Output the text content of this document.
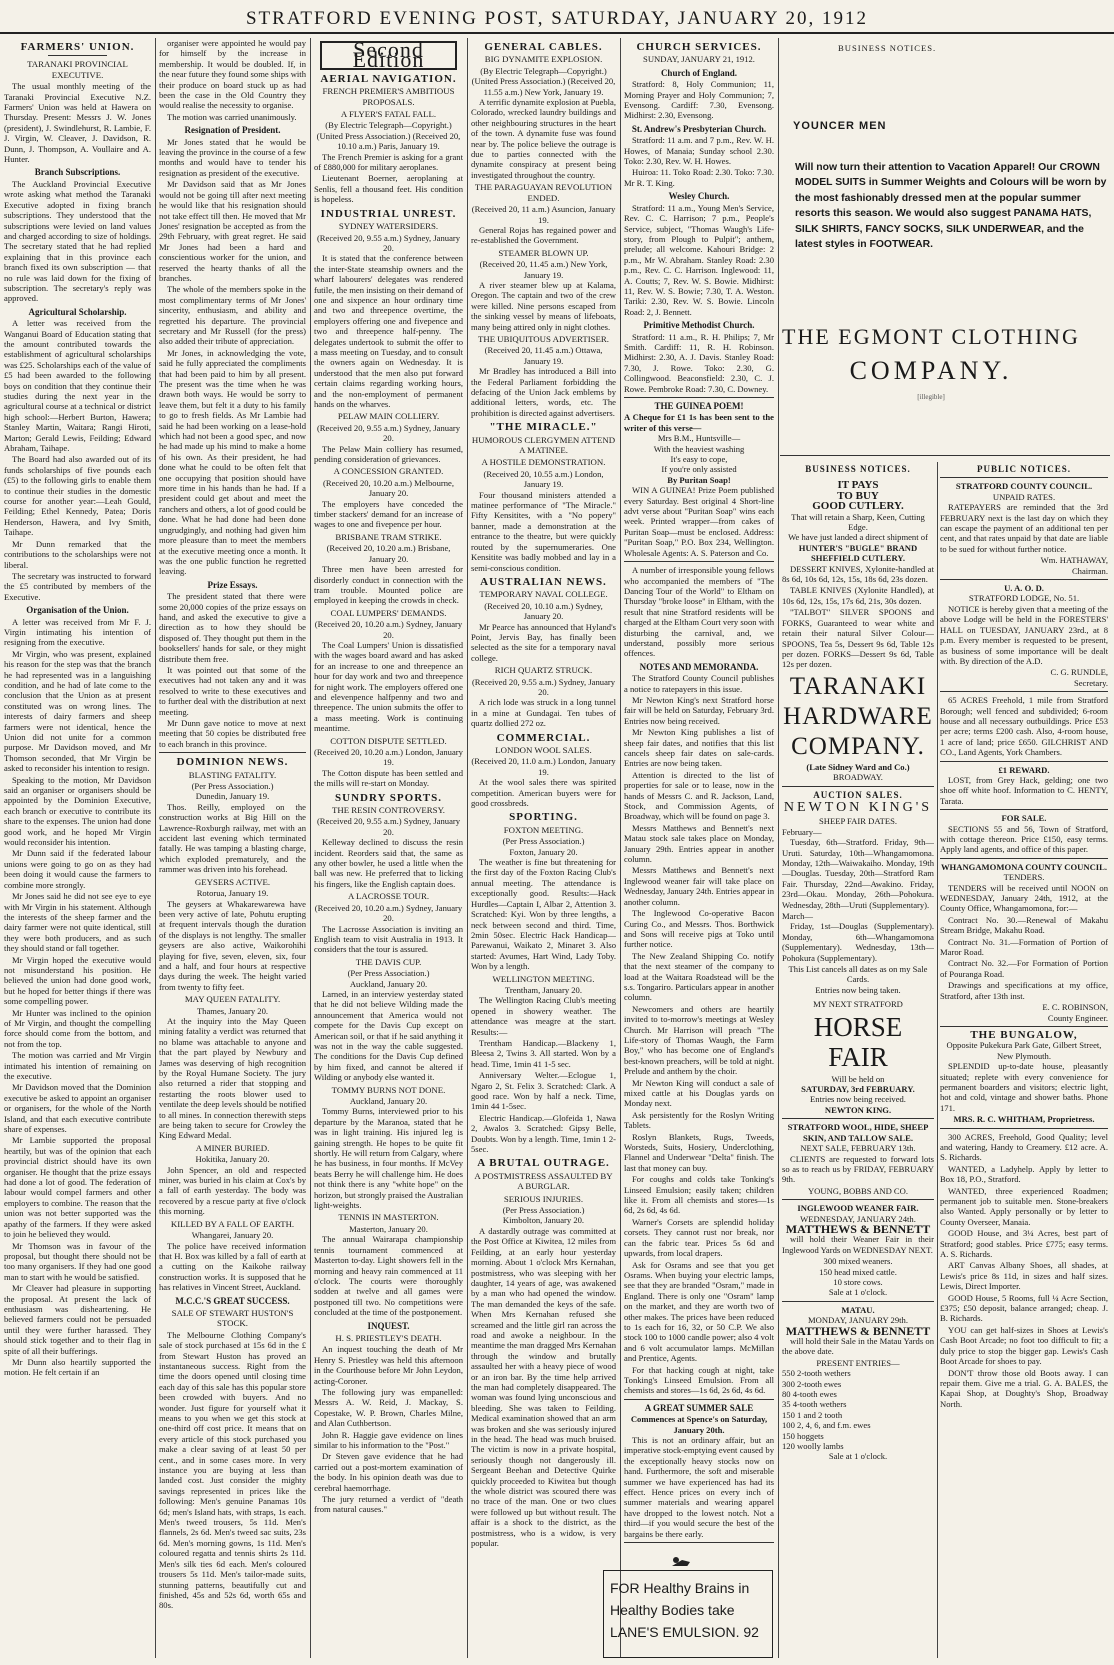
STRATFORD EVENING POST, SATURDAY, JANUARY 20, 1912
FARMERS' UNION.
TARANAKI PROVINCIAL EXECUTIVE.

The usual monthly meeting of the Taranaki Provincial Executive N.Z. Farmers' Union was held at Hawera on Thursday. Present: Messrs J. W. Jones (president), J. Swindlehurst, R. Lambie, F. J. Virgin, W. Cleaver, J. Davidson, R. Dunn, J. Thompson, A. Voullaire and A. Hunter.

Branch Subscriptions.

The Auckland Provincial Executive wrote asking what method the Taranaki Executive adopted in fixing branch subscriptions. They understood that the subscriptions were levied on land values and charged according to size of holdings. The secretary stated that he had replied explaining that in this province each branch fixed its own subscription — that no rule was laid down for the fixing of subscription. The secretary's reply was approved.

Agricultural Scholarship.

A letter was received from the Wanganui Board of Education stating that the amount contributed towards the establishment of agricultural scholarships was £25. Scholarships each of the value of £5 had been awarded to the following boys on condition that they continue their studies during the next year in the agricultural course at a technical or district high school:—Herbert Burton, Hawera; Stanley Martin, Waitara; Rangi Hiroti, Marton; Gerald Lewis, Feilding; Edward Abraham, Taihape.

The Board had also awarded out of its funds scholarships of five pounds each (£5) to the following girls to enable them to continue their studies in the domestic course for another year:—Leah Gould, Feilding; Ethel Kennedy, Patea; Doris Henderson, Hawera, and Ivy Smith, Taihape.

Mr Dunn remarked that the contributions to the scholarships were not liberal.

The secretary was instructed to forward the £5 contributed by members of the Executive.

Organisation of the Union.

A letter was received from Mr F. J. Virgin intimating his intention of resigning from the executive.

Mr Virgin, who was present, explained his reason for the step was that the branch he had represented was in a languishing condition, and he had of late come to the conclusion that the Union as at present constituted was on wrong lines. The interests of dairy farmers and sheep farmers were not identical, hence the Union did not unite for a common purpose. Mr Davidson moved, and Mr Thomson seconded, that Mr Virgin be asked to reconsider his intention to resign.

Speaking to the motion, Mr Davidson said an organiser or organisers should be appointed by the Dominion Executive, each branch or executive to contribute its share to the expenses. The union had done good work, and he hoped Mr Virgin would reconsider his intention.

Mr Dunn said if the federated labour unions were going to go on as they had been doing it would cause the farmers to combine more strongly.

Mr Jones said he did not see eye to eye with Mr Virgin in his statement. Although the interests of the sheep farmer and the dairy farmer were not quite identical, still they were both producers, and as such they should stand or fall together.

Mr Virgin hoped the executive would not misunderstand his position. He believed the union had done good work, but he hoped for better things if there was some compelling power.

Mr Hunter was inclined to the opinion of Mr Virgin, and thought the compelling force should come from the bottom, and not from the top.

The motion was carried and Mr Virgin intimated his intention of remaining on the executive.

Mr Davidson moved that the Dominion executive be asked to appoint an organiser or organisers, for the whole of the North Island, and that each executive contribute share of expenses.

Mr Lambie supported the proposal heartily, but was of the opinion that each provincial district should have its own organiser. He thought that the prize essays had done a lot of good. The federation of labour would compel farmers and other employers to combine. The reason that the union was not better supported was the apathy of the farmers. If they were asked to join he believed they would.

Mr Thomson was in favour of the proposal, but thought there should not be too many organisers. If they had one good man to start with he would be satisfied.

Mr Cleaver had pleasure in supporting the proposal. At present the lack of enthusiasm was disheartening. He believed farmers could not be persuaded until they were further harassed. They should stick together and to their flag in spite of all their bufferings.

Mr Dunn also heartily supported the motion. He felt certain if an

organiser were appointed he would pay for himself by the increase in membership. It would be doubled. If, in the near future they found some ships with their produce on board stuck up as had been the case in the Old Country they would realise the necessity to organise.

The motion was carried unanimously.

Resignation of President.

Mr Jones stated that he would be leaving the province in the course of a few months and would have to tender his resignation as president of the executive.

Mr Davidson said that as Mr Jones would not be going till after next meeting he would like that his resignation should not take effect till then. He moved that Mr Jones' resignation be accepted as from the 29th February, with great regret. He said Mr Jones had been a hard and conscientious worker for the union, and reserved the hearty thanks of all the branches.

The whole of the members spoke in the most complimentary terms of Mr Jones' sincerity, enthusiasm, and ability and regretted his departure. The provincial secretary and Mr Russell (for the press) also added their tribute of appreciation.

Mr Jones, in acknowledging the vote, said he fully appreciated the compliments that had been paid to him by all present. The present was the time when he was drawn both ways. He would be sorry to leave them, but felt it a duty to his family to go to fresh fields. As Mr Lambie had said he had been working on a lease-hold which had not been a good spec, and now he had made up his mind to make a home of his own. As their president, he had done what he could to be often felt that one occupying that position should have more time in his hands than he had. If a president could get about and meet the ranchers and others, a lot of good could be done. What he had done had been done ungrudgingly, and nothing had given him more pleasure than to meet the members at the executive meeting once a month. It was the one public function he regretted leaving.

Prize Essays.

The president stated that there were some 20,000 copies of the prize essays on hand, and asked the executive to give a direction as to how they should be disposed of. They thought put them in the booksellers' hands for sale, or they might distribute them free.

It was pointed out that some of the executives had not taken any and it was resolved to write to these executives and to further deal with the distribution at next meeting.

Mr Dunn gave notice to move at next meeting that 50 copies be distributed free to each branch in this province.

DOMINION NEWS.
BLASTING FATALITY.
(Per Press Association.)
Dunedin, January 19.

Thos. Reilly, employed on the construction works at Big Hill on the Lawrence-Roxburgh railway, met with an accident last evening which terminated fatally. He was tamping a blasting charge, which exploded prematurely, and the rammer was driven into his forehead.

GEYSERS ACTIVE.
Rotorua, January 19.

The geysers at Whakarewarewa have been very active of late, Pohutu erupting at frequent intervals though the duration of the displays is not lengthy. The smaller geysers are also active, Waikorohihi playing for five, seven, eleven, six, four and a half, and four hours at respective days during the week. The height varied from twenty to fifty feet.

MAY QUEEN FATALITY.
Thames, January 20.

At the inquiry into the May Queen mining fatality a verdict was returned that no blame was attachable to anyone and that the part played by Newbury and James was deserving of high recognition by the Royal Humane Society. The jury also returned a rider that stopping and restarting the roots blower used to ventilate the deep levels should be notified to all mines. In connection therewith steps are being taken to secure for Crowley the King Edward Medal.

A MINER BURIED.
Hokitika, January 20.

John Spencer, an old and respected miner, was buried in his claim at Cox's by a fall of earth yesterday. The body was recovered by a rescue party at five o'clock this morning.

KILLED BY A FALL OF EARTH.
Whangarei, January 20.

The police have received information that H. Box was killed by a fall of earth at a cutting on the Kaikohe railway construction works. It is supposed that he has relatives in Vincent Street, Auckland.

M.C.C.'S GREAT SUCCESS.
SALE OF STEWART HUSTON'S STOCK.

The Melbourne Clothing Company's sale of stock purchased at 15s 6d in the £ from Stewart Huston has proved an instantaneous success. Right from the time the doors opened until closing time each day of this sale has this popular store been crowded with buyers. And no wonder. Just figure for yourself what it means to you when we get this stock at one-third off cost price. It means that on every article of this stock purchased you make a clear saving of at least 50 per cent., and in some cases more. In very instance you are buying at less than landed cost. Just consider the mighty savings represented in prices like the following: Men's genuine Panamas 10s 6d; men's Island hats, with straps, 1s each. Men's tweed trousers, 5s 11d. Men's flannels, 2s 6d. Men's tweed sac suits, 23s 6d. Men's morning gowns, 1s 11d. Men's coloured regatta and tennis shirts 2s 11d. Men's silk ties 6d each. Men's coloured trousers 5s 11d. Men's tailor-made suits, stunning patterns, beautifully cut and finished, 45s and 52s 6d, worth 65s and 80s.

Second Edition
AERIAL NAVIGATION.
FRENCH PREMIER'S AMBITIOUS PROPOSALS.
A FLYER'S FATAL FALL.
(By Electric Telegraph—Copyright.) (United Press Association.) (Received 20, 10.10 a.m.) Paris, January 19.

The French Premier is asking for a grant of £880,000 for military aeroplanes.

Lieutenant Boerner, aeroplaning at Senlis, fell a thousand feet. His condition is hopeless.

INDUSTRIAL UNREST.
SYDNEY WATERSIDERS.
(Received 20, 9.55 a.m.) Sydney, January 20.

It is stated that the conference between the inter-State steamship owners and the wharf labourers' delegates was rendered futile, the men insisting on their demand of one and sixpence an hour ordinary time and two and threepence overtime, the employers offering one and fivepence and two and threepence half-penny. The delegates undertook to submit the offer to a mass meeting on Tuesday, and to consult the owners again on Wednesday. It is understood that the men also put forward certain claims regarding working hours, and the non-employment of permanent hands on the wharves.

PELAW MAIN COLLIERY.
(Received 20, 9.55 a.m.) Sydney, January 20.

The Pelaw Main colliery has resumed, pending consideration of grievances.

A CONCESSION GRANTED.
(Received 20, 10.20 a.m.) Melbourne, January 20.

The employers have conceded the timber stackers' demand for an increase of wages to one and fivepence per hour.

BRISBANE TRAM STRIKE.
(Received 20, 10.20 a.m.) Brisbane, January 20.

Three men have been arrested for disorderly conduct in connection with the tram trouble. Mounted police are employed in keeping the crowds in check.

COAL LUMPERS' DEMANDS.
(Received 20, 10.20 a.m.) Sydney, January 20.

The Coal Lumpers' Union is dissatisfied with the wages board award and has asked for an increase to one and threepence an hour for day work and two and threepence for night work. The employers offered one and elevenpence halfpenny and two and threepence. The union submits the offer to a mass meeting. Work is continuing meantime.

COTTON DISPUTE SETTLED.
(Received 20, 10.20 a.m.) London, January 19.

The Cotton dispute has been settled and the mills will re-start on Monday.

SUNDRY SPORTS.
THE RESIN CONTROVERSY.
(Received 20, 9.55 a.m.) Sydney, January 20.

Kelleway declined to discuss the resin incident. Reorders said that, the same as any other bowler, he used a little when the ball was new. He preferred that to licking his fingers, like the English captain does.

A LACROSSE TOUR.
(Received 20, 10.20 a.m.) Sydney, January 20.

The Lacrosse Association is inviting an English team to visit Australia in 1913. It considers that the tour is assured.

THE DAVIS CUP.
(Per Press Association.)
Auckland, January 20.

Larned, in an interview yesterday stated that he did not believe Wilding made the announcement that America would not compete for the Davis Cup except on American soil, or that if he said anything it was not in the way the cable suggested. The conditions for the Davis Cup defined by him fixed, and cannot be altered if Wilding or anybody else wanted it.

TOMMY BURNS NOT DONE.
Auckland, January 20.

Tommy Burns, interviewed prior to his departure by the Maranoa, stated that he was in light training. His injured leg is gaining strength. He hopes to be quite fit shortly. He will return from Calgary, where he has business, in four months. If McVey beats Berry he will challenge him. He does not think there is any "white hope" on the horizon, but strongly praised the Australian light-weights.

TENNIS IN MASTERTON.
Masterton, January 20.

The annual Wairarapa championship tennis tournament commenced at Masterton to-day. Light showers fell in the morning and heavy rain commenced at 11 o'clock. The courts were thoroughly sodden at twelve and all games were postponed till two. No competitions were concluded at the time of the postponement.

INQUEST.
H. S. PRIESTLEY'S DEATH.

An inquest touching the death of Mr Henry S. Priestley was held this afternoon in the Courthouse before Mr John Leydon, acting-Coroner.

The following jury was empanelled: Messrs A. W. Reid, J. Mackay, S. Copestake, W. P. Brown, Charles Milne, and Alan Cuthbertson.

John R. Haggie gave evidence on lines similar to his information to the "Post."

Dr Steven gave evidence that he had carried out a post-mortem examination of the body. In his opinion death was due to cerebral haemorrhage.

The jury returned a verdict of "death from natural causes."

GENERAL CABLES.
BIG DYNAMITE EXPLOSION.
(By Electric Telegraph—Copyright.) (United Press Association.) (Received 20, 11.55 a.m.) New York, January 19.

A terrific dynamite explosion at Puebla, Colorado, wrecked laundry buildings and other neighbouring structures in the heart of the town. A dynamite fuse was found near by. The police believe the outrage is due to parties connected with the dynamite conspiracy at present being investigated throughout the country.

THE PARAGUAYAN REVOLUTION ENDED.
(Received 20, 11 a.m.) Asuncion, January 19.

General Rojas has regained power and re-established the Government.

STEAMER BLOWN UP.
(Received 20, 11.45 a.m.) New York, January 19.

A river steamer blew up at Kalama, Oregon. The captain and two of the crew were killed. Nine persons escaped from the sinking vessel by means of lifeboats, many being attired only in night clothes.

THE UBIQUITOUS ADVERTISER.
(Received 20, 11.45 a.m.) Ottawa, January 19.

Mr Bradley has introduced a Bill into the Federal Parliament forbidding the defacing of the Union Jack emblems by additional letters, words, etc. The prohibition is directed against advertisers.

"THE MIRACLE."
HUMOROUS CLERGYMEN ATTEND A MATINEE.
A HOSTILE DEMONSTRATION.
(Received 20, 10.55 a.m.) London, January 19.

Four thousand ministers attended a matinee performance of "The Miracle." Fifty Kensitites, with a "No popery" banner, made a demonstration at the entrance to the theatre, but were quickly routed by the supernumeraries. One Kensitite was badly mobbed and lay in a semi-conscious condition.

AUSTRALIAN NEWS.
TEMPORARY NAVAL COLLEGE.
(Received 20, 10.10 a.m.) Sydney, January 20.

Mr Pearce has announced that Hyland's Point, Jervis Bay, has finally been selected as the site for a temporary naval college.

RICH QUARTZ STRUCK.
(Received 20, 9.55 a.m.) Sydney, January 20.

A rich lode was struck in a long tunnel in a mine at Gundagai. Ten tubes of quartz dollied 272 oz.

COMMERCIAL.
LONDON WOOL SALES.
(Received 20, 11.0 a.m.) London, January 19.

At the wool sales there was spirited competition. American buyers were for good crossbreds.

SPORTING.
FOXTON MEETING.
(Per Press Association.)
Foxton, January 20.

The weather is fine but threatening for the first day of the Foxton Racing Club's annual meeting. The attendance is exceptionally good. Results:—Hack Hurdles—Captain I, Albar 2, Attention 3. Scratched: Kyi. Won by three lengths, a neck between second and third. Time, 2min 50sec. Electric Hack Handicap—Parewanui, Waikato 2, Minaret 3. Also started: Avumes, Hart Wind, Lady Toby. Won by a length.

WELLINGTON MEETING.
Trentham, January 20.

The Wellington Racing Club's meeting opened in showery weather. The attendance was meagre at the start. Results:—

Trentham Handicap.—Blackeny 1, Bleesa 2, Twins 3. All started. Won by a head. Time, 1min 41 1-5 sec.

Anniversary Welter.—Eclogue 1, Ngaro 2, St. Felix 3. Scratched: Clark. A good race. Won by half a neck. Time, 1min 44 1-5sec.

Electric Handicap.—Glofeida 1, Nawa 2, Awalos 3. Scratched: Gipsy Belle, Doubts. Won by a length. Time, 1min 1 2-5sec.

A BRUTAL OUTRAGE.
A POSTMISTRESS ASSAULTED BY A BURGLAR.
SERIOUS INJURIES.
(Per Press Association.)
Kimbolton, January 20.

A dastardly outrage was committed at the Post Office at Kiwitea, 12 miles from Feilding, at an early hour yesterday morning. About 1 o'clock Mrs Kernahan, postmistress, who was sleeping with her daughter, 14 years of age, was awakened by a man who had opened the window. The man demanded the keys of the safe. When Mrs Kernahan refused she screamed and the little girl ran across the road and awoke a neighbour. In the meantime the man dragged Mrs Kernahan through the window and brutally assaulted her with a heavy piece of wood or an iron bar. By the time help arrived the man had completely disappeared. The woman was found lying unconscious and bleeding. She was taken to Feilding. Medical examination showed that an arm was broken and she was seriously injured in the head. The head was much bruised. The victim is now in a private hospital, seriously though not dangerously ill. Sergeant Beehan and Detective Quirke quickly proceeded to Kiwitea but though the whole district was scoured there was no trace of the man. One or two clues were followed up but without result. The affair is a shock to the district, as the postmistress, who is a widow, is very popular.

CHURCH SERVICES.
SUNDAY, JANUARY 21, 1912.
Church of England.

Stratford: 8, Holy Communion; 11, Morning Prayer and Holy Communion; 7, Evensong. Cardiff: 7.30, Evensong. Midhirst: 2.30, Evensong.

St. Andrew's Presbyterian Church.

Stratford: 11 a.m. and 7 p.m., Rev. W. H. Howes, of Manaia; Sunday school 2.30. Toko: 2.30, Rev. W. H. Howes.

Huiroa: 11. Toko Road: 2.30. Toko: 7.30. Mr R. T. King.

Wesley Church.

Stratford: 11 a.m., Young Men's Service, Rev. C. C. Harrison; 7 p.m., People's Service, subject, "Thomas Waugh's Life-story, from Plough to Pulpit"; anthem, prelude; all welcome. Kahouri Bridge: 2 p.m., Mr W. Abraham. Stanley Road: 2.30 p.m., Rev. C. C. Harrison. Inglewood: 11, A. Coutts; 7, Rev. W. S. Bowie. Midhirst: 11, Rev. W. S. Bowie; 7.30, T. A. Weston. Tariki: 2.30, Rev. W. S. Bowie. Lincoln Road: 2, J. Bennett.

Primitive Methodist Church.

Stratford: 11 a.m., R. H. Philips; 7, Mr Smith. Cardiff: 11, R. H. Robinson. Midhirst: 2.30, A. J. Davis. Stanley Road: 7.30, J. Rowe. Toko: 2.30, G. Collingwood. Beaconsfield: 2.30, C. J. Rowe. Pembroke Road: 7.30, C. Downey.

THE GUINEA POEM!
A Cheque for £1 1s has been sent to the writer of this verse—
Mrs B.M., Huntsville—
With the heaviest washing
It's easy to cope,
If you're only assisted
By Puritan Soap!

WIN A GUINEA! Prize Poem published every Saturday. Best original 4 Short-line advt verse about "Puritan Soap" wins each week. Printed wrapper—from cakes of Puritan Soap—must be enclosed. Address: "Puritan Soap," P.O. Box 234, Wellington. Wholesale Agents: A. S. Paterson and Co.

A number of irresponsible young fellows who accompanied the members of "The Dancing Tour of the World" to Eltham on Thursday "broke loose" in Eltham, with the result that nine Stratford residents will be charged at the Eltham Court very soon with disturbing the carnival, and, we understand, possibly more serious offences.

NOTES AND MEMORANDA.

The Stratford County Council publishes a notice to ratepayers in this issue.

Mr Newton King's next Stratford horse fair will be held on Saturday, February 3rd. Entries now being received.

Mr Newton King publishes a list of sheep fair dates, and notifies that this list cancels sheep fair dates on sale-cards. Entries are now being taken.

Attention is directed to the list of properties for sale or to lease, now in the hands of Messrs C. and R. Jackson, Land, Stock, and Commission Agents, of Broadway, which will be found on page 3.

Messrs Matthews and Bennett's next Matau stock sale takes place on Monday, January 29th. Entries appear in another column.

Messrs Matthews and Bennett's next Inglewood weaner fair will take place on Wednesday, January 24th. Entries appear in another column.

The Inglewood Co-operative Bacon Curing Co., and Messrs. Thos. Borthwick and Sons will receive pigs at Toko until further notice.

The New Zealand Shipping Co. notify that the next steamer of the company to load at the Waitara Roadstead will be the s.s. Tongariro. Particulars appear in another column.

Newcomers and others are heartily invited to to-morrow's meetings at Wesley Church. Mr Harrison will preach "The Life-story of Thomas Waugh, the Farm Boy," who has become one of England's best-known preachers, will be told at night. Prelude and anthem by the choir.

Mr Newton King will conduct a sale of mixed cattle at his Douglas yards on Monday next.

Ask persistently for the Roslyn Writing Tablets.

Roslyn Blankets, Rugs, Tweeds, Worsteds, Suits, Hosiery, Underclothing, Flannel and Underwear "Delta" finish. The last that money can buy.

For coughs and colds take Tonking's Linseed Emulsion; easily taken; children like it. From all chemists and stores—1s 6d, 2s 6d, 4s 6d.

Warner's Corsets are splendid holiday corsets. They cannot rust nor break, nor can the fabric tear. Prices 5s 6d and upwards, from local drapers.

Ask for Osrams and see that you get Osrams. When buying your electric lamps, see that they are branded "Osram," made in England. There is only one "Osram" lamp on the market, and they are worth two of other makes. The prices have been reduced to 1s each for 16, 32, or 50 C.P. We also stock 100 to 1000 candle power; also 4 volt and 6 volt accumulator lamps. McMillan and Prentice, Agents.

For that hacking cough at night, take Tonking's Linseed Emulsion. From all chemists and stores—1s 6d, 2s 6d, 4s 6d.

A GREAT SUMMER SALE
Commences at Spence's on Saturday, January 20th.

This is not an ordinary affair, but an imperative stock-emptying event caused by the exceptionally heavy stocks now on hand. Furthermore, the soft and miserable summer we have experienced has had its effect. Hence prices on every inch of summer materials and wearing apparel have dropped to the lowest notch. Not a third—if you would secure the best of the bargains be there early.

FOR Healthy Brains in
Healthy Bodies take
LANE'S EMULSION. 92
BUSINESS NOTICES.
YOUNCER MEN
Will now turn their attention to Vacation Apparel! Our CROWN MODEL SUITS in Summer Weights and Colours will be worn by the most fashionably dressed men at the popular summer resorts this season. We would also suggest PANAMA HATS, SILK SHIRTS, FANCY SOCKS, SILK UNDERWEAR, and the latest styles in FOOTWEAR.
THE EGMONT CLOTHING
COMPANY.
[illegible]
BUSINESS NOTICES.
IT PAYS
TO BUY
GOOD CUTLERY.
That will retain a Sharp, Keen, Cutting Edge.
We have just landed a direct shipment of
HUNTER'S "BUGLE" BRAND SHEFFIELD CUTLERY.

DESSERT KNIVES, Xylonite-handled at 8s 6d, 10s 6d, 12s, 15s, 18s 6d, 23s dozen.

TABLE KNIVES (Xylonite Handled), at 10s 6d, 12s, 15s, 17s 6d, 21s, 30s dozen.

"TALBOT" SILVER SPOONS and FORKS, Guaranteed to wear white and retain their natural Silver Colour—SPOONS, Tea 5s, Dessert 9s 6d, Table 12s per dozen. FORKS—Dessert 9s 6d, Table 12s per dozen.

TARANAKI
HARDWARE
COMPANY.
(Late Sidney Ward and Co.)
BROADWAY.
AUCTION SALES.
NEWTON KING'S
SHEEP FAIR DATES.
February—

Tuesday, 6th—Stratford. Friday, 9th—Uruti. Saturday, 10th—Whangamomona. Monday, 12th—Waiwakaiho. Monday, 19th—Douglas. Tuesday, 20th—Stratford Ram Fair. Thursday, 22nd—Awakino. Friday, 23rd—Okau. Monday, 26th—Pohokura. Wednesday, 28th—Uruti (Supplementary).

March—

Friday, 1st—Douglas (Supplementary). Monday, 6th—Whangamomona (Supplementary). Wednesday, 13th—Pohokura (Supplementary).

This List cancels all dates as on my Sale Cards.
Entries now being taken.
MY NEXT STRATFORD
HORSE FAIR
Will be held on
SATURDAY, 3rd FEBRUARY.
Entries now being received.
NEWTON KING.
STRATFORD WOOL, HIDE, SHEEP SKIN, AND TALLOW SALE.
NEXT SALE, FEBRUARY 13th.

CLIENTS are requested to forward lots so as to reach us by FRIDAY, FEBRUARY 9th.

YOUNG, BOBBS AND CO.
INGLEWOOD WEANER FAIR.
WEDNESDAY, JANUARY 24th.
MATTHEWS & BENNETT

will hold their Weaner Fair in their Inglewood Yards on WEDNESDAY NEXT.

300 mixed weaners.
150 head mixed cattle.
10 store cows.
Sale at 1 o'clock.
MATAU.
MONDAY, JANUARY 29th.
MATTHEWS & BENNETT

will hold their Sale in the Matau Yards on the above date.

PRESENT ENTRIES—
550 2-tooth wethers
300 2-tooth ewes
80 4-tooth ewes
35 4-tooth wethers
150 1 and 2 tooth
100 2, 4, 6, and f.m. ewes
150 hoggets
120 woolly lambs
Sale at 1 o'clock.
PUBLIC NOTICES.
STRATFORD COUNTY COUNCIL.
UNPAID RATES.

RATEPAYERS are reminded that the 3rd FEBRUARY next is the last day on which they can escape the payment of an additional ten per cent, and that rates unpaid by that date are liable to be sued for without further notice.

Wm. HATHAWAY,
Chairman.
U. A. O. D.
STRATFORD LODGE, No. 51.

NOTICE is hereby given that a meeting of the above Lodge will be held in the FORESTERS' HALL on TUESDAY, JANUARY 23rd., at 8 p.m. Every member is requested to be present, as business of some importance will be dealt with. By direction of the A.D.

C. G. RUNDLE,
Secretary.

65 ACRES Freehold, 1 mile from Stratford Borough; well fenced and subdivided; 6-room house and all necessary outbuildings. Price £53 per acre; terms £200 cash. Also, 4-room house, 1 acre of land; price £650. GILCHRIST AND CO., Land Agents, York Chambers.

£1 REWARD.

LOST, from Grey Hack, gelding; one two shoe off white hoof. Information to C. HENTY, Tarata.

FOR SALE.

SECTIONS 55 and 56, Town of Stratford, with cottage thereon. Price £150, easy terms. Apply land agents, and office of this paper.

WHANGAMOMONA COUNTY COUNCIL.
TENDERS.

TENDERS will be received until NOON on WEDNESDAY, January 24th, 1912, at the County Office, Whangamomona, for:—

Contract No. 30.—Renewal of Makahu Stream Bridge, Makahu Road.

Contract No. 31.—Formation of Portion of Maror Road.

Contract No. 32.—For Formation of Portion of Pouranga Road.

Drawings and specifications at my office, Stratford, after 13th inst.

E. C. ROBINSON,
County Engineer.
THE BUNGALOW,
Opposite Pukekura Park Gate, Gilbert Street, New Plymouth.

SPLENDID up-to-date house, pleasantly situated; replete with every convenience for permanent boarders and visitors; electric light, hot and cold, vintage and shower baths. Phone 171.

MRS. R. C. WHITHAM, Proprietress.

300 ACRES, Freehold, Good Quality; level and watering, Handy to Creamery. £12 acre. A. S. Richards.

WANTED, a Ladyhelp. Apply by letter to Box 18, P.O., Stratford.

WANTED, three experienced Roadmen; permanent job to suitable men. Stone-breakers also Wanted. Apply personally or by letter to County Overseer, Manaia.

GOOD House, and 3¼ Acres, best part of Stratford; good stables. Price £775; easy terms. A. S. Richards.

ART Canvas Albany Shoes, all shades, at Lewis's price 8s 11d, in sizes and half sizes. Lewis, Direct Importer.

GOOD House, 5 Rooms, full ¼ Acre Section, £375; £50 deposit, balance arranged; cheap. J. B. Richards.

YOU can get half-sizes in Shoes at Lewis's Cash Boot Arcade; no foot too difficult to fit; a duly price to stop the bigger gap. Lewis's Cash Boot Arcade for shoes to pay.

DON'T throw those old Boots away. I can repair them. Give me a trial. G. A. BALES, the Kapai Shop, at Doughty's Shop, Broadway North.
